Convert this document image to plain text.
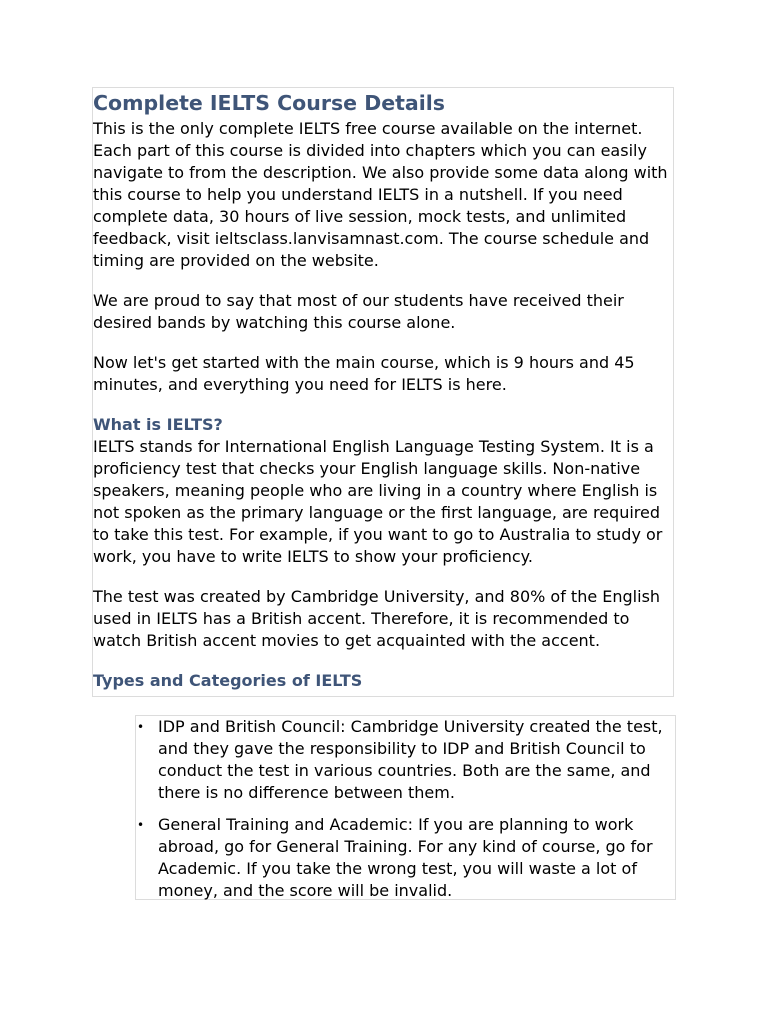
Complete IELTS Course Details

This is the only complete IELTS free course available on the internet. Each part of this course is divided into chapters which you can easily navigate to from the description. We also provide some data along with this course to help you understand IELTS in a nutshell. If you need complete data, 30 hours of live session, mock tests, and unlimited feedback, visit ieltsclass.lanvisamnast.com. The course schedule and timing are provided on the website.

We are proud to say that most of our students have received their desired bands by watching this course alone.

Now let's get started with the main course, which is 9 hours and 45 minutes, and everything you need for IELTS is here.

What is IELTS?

IELTS stands for International English Language Testing System. It is a proficiency test that checks your English language skills. Non-native speakers, meaning people who are living in a country where English is not spoken as the primary language or the first language, are required to take this test. For example, if you want to go to Australia to study or work, you have to write IELTS to show your proficiency.

The test was created by Cambridge University, and 80% of the English used in IELTS has a British accent. Therefore, it is recommended to watch British accent movies to get acquainted with the accent.

Types and Categories of IELTS
• IDP and British Council: Cambridge University created the test, and they gave the responsibility to IDP and British Council to conduct the test in various countries. Both are the same, and there is no difference between them.
• General Training and Academic: If you are planning to work abroad, go for General Training. For any kind of course, go for Academic. If you take the wrong test, you will waste a lot of money, and the score will be invalid.
